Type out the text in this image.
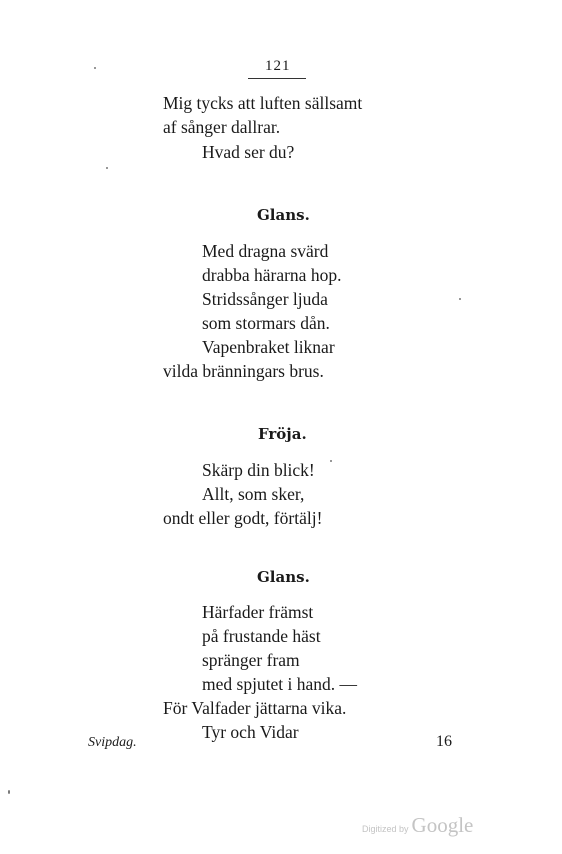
121
Mig tycks att luften sällsamt
af sånger dallrar.
Hvad ser du?
Glans.
Med dragna svärd
drabba härarna hop.
Stridssånger ljuda
som stormars dån.
Vapenbraket liknar
vilda bränningars brus.
Fröja.
Skärp din blick!
Allt, som sker,
ondt eller godt, förtälj!
Glans.
Härfader främst
på frustande häst
spränger fram
med spjutet i hand. —
För Valfader jättarna vika.
Tyr och Vidar
Svipdag.	16
Digitized by Google
